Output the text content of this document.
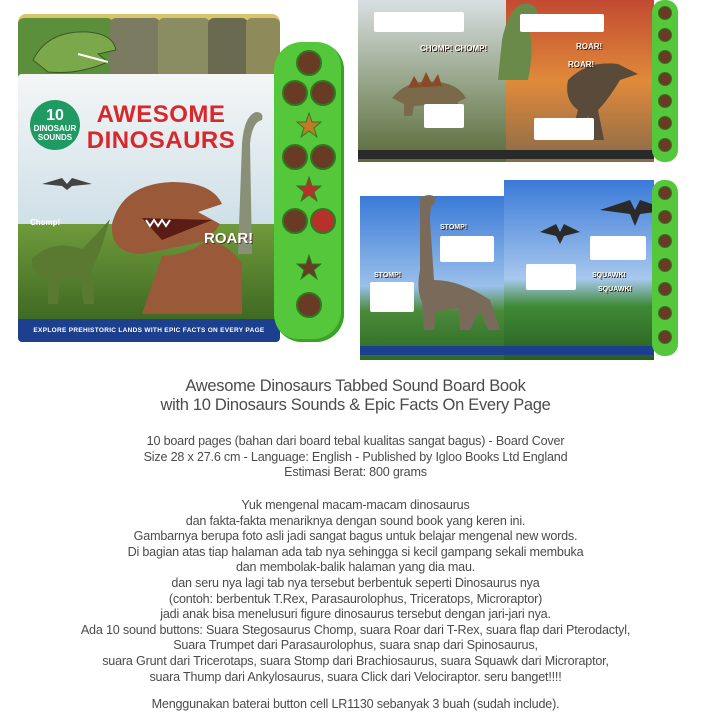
10
DINOSAUR SOUNDS
AWESOME
DINOSAURS
Chomp!
ROAR!
EXPLORE PREHISTORIC LANDS WITH EPIC FACTS ON EVERY PAGE
CHOMP! CHOMP!	ROAR!
ROAR!
STOMP!
STOMP!	SQUAWK!
SQUAWK!
Awesome Dinosaurs Tabbed Sound Board Book
with 10 Dinosaurs Sounds & Epic Facts On Every Page
10 board pages (bahan dari board tebal kualitas sangat bagus) - Board Cover
Size 28 x 27.6 cm - Language: English - Published by Igloo Books Ltd England
Estimasi Berat: 800 grams
Yuk mengenal macam-macam dinosaurus
dan fakta-fakta menariknya dengan sound book yang keren ini.
Gambarnya berupa foto asli jadi sangat bagus untuk belajar mengenal new words.
Di bagian atas tiap halaman ada tab nya sehingga si kecil gampang sekali membuka
dan membolak-balik halaman yang dia mau.
dan seru nya lagi tab nya tersebut berbentuk seperti Dinosaurus nya
(contoh: berbentuk T.Rex, Parasaurolophus, Triceratops, Microraptor)
jadi anak bisa menelusuri figure dinosaurus tersebut dengan jari-jari nya.
Ada 10 sound buttons: Suara Stegosaurus Chomp, suara Roar dari T-Rex, suara flap dari Pterodactyl,
Suara Trumpet dari Parasaurolophus, suara snap dari Spinosaurus,
suara Grunt dari Tricerotaps, suara Stomp dari Brachiosaurus, suara Squawk dari Microraptor,
suara Thump dari Ankylosaurus, suara Click dari Velociraptor. seru banget!!!!
Menggunakan baterai button cell LR1130 sebanyak 3 buah (sudah include).
